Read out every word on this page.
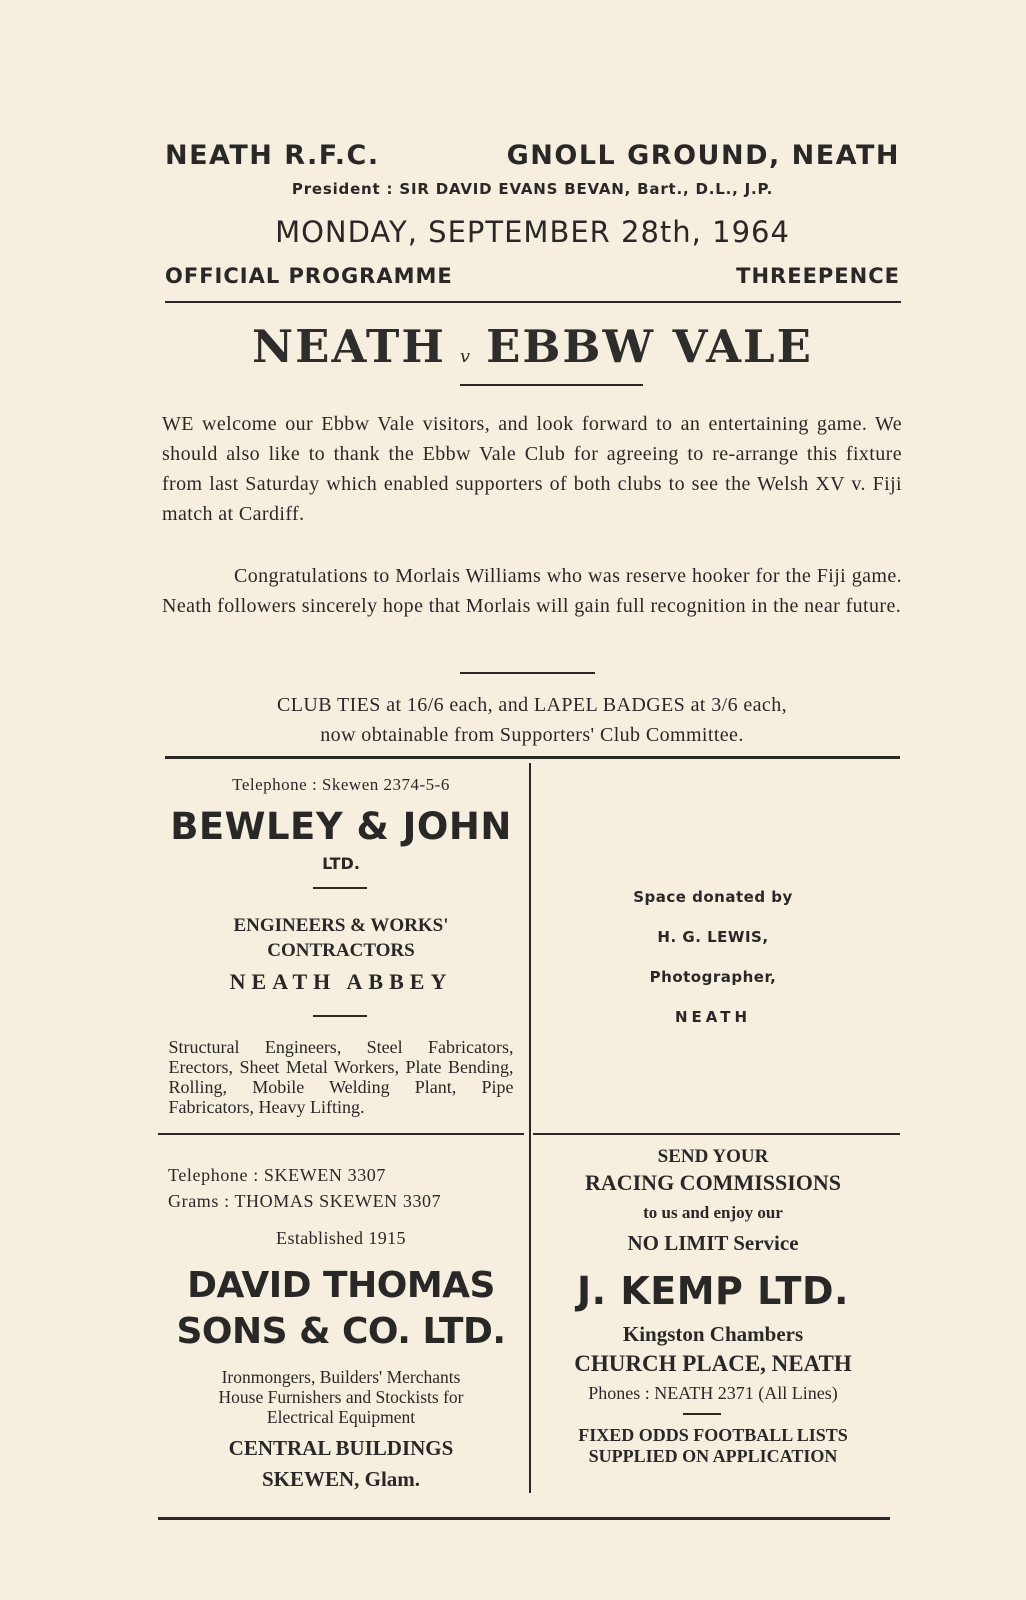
NEATH R.F.C.	GNOLL GROUND, NEATH
President : SIR DAVID EVANS BEVAN, Bart., D.L., J.P.
MONDAY, SEPTEMBER 28th, 1964
OFFICIAL PROGRAMME	THREEPENCE
NEATH v EBBW VALE

WE welcome our Ebbw Vale visitors, and look forward to an entertaining game. We should also like to thank the Ebbw Vale Club for agreeing to re-arrange this fixture from last Saturday which enabled supporters of both clubs to see the Welsh XV v. Fiji match at Cardiff.

Congratulations to Morlais Williams who was reserve hooker for the Fiji game. Neath followers sincerely hope that Morlais will gain full recognition in the near future.

CLUB TIES at 16/6 each, and LAPEL BADGES at 3/6 each,
now obtainable from Supporters' Club Committee.
Telephone : Skewen 2374-5-6
BEWLEY & JOHN
LTD.
ENGINEERS & WORKS'
CONTRACTORS
NEATH ABBEY
Structural Engineers, Steel Fabricators, Erectors, Sheet Metal Workers, Plate Bending, Rolling, Mobile Welding Plant, Pipe Fabricators, Heavy Lifting.
Space donated by
H. G. LEWIS,
Photographer,
NEATH
Telephone : SKEWEN 3307
Grams : THOMAS SKEWEN 3307
Established 1915
DAVID THOMAS
SONS & CO. LTD.
Ironmongers, Builders' Merchants
House Furnishers and Stockists for
Electrical Equipment
CENTRAL BUILDINGS
SKEWEN, Glam.
SEND YOUR
RACING COMMISSIONS
to us and enjoy our
NO LIMIT Service
J. KEMP LTD.
Kingston Chambers
CHURCH PLACE, NEATH
Phones : NEATH 2371 (All Lines)
FIXED ODDS FOOTBALL LISTS
SUPPLIED ON APPLICATION
